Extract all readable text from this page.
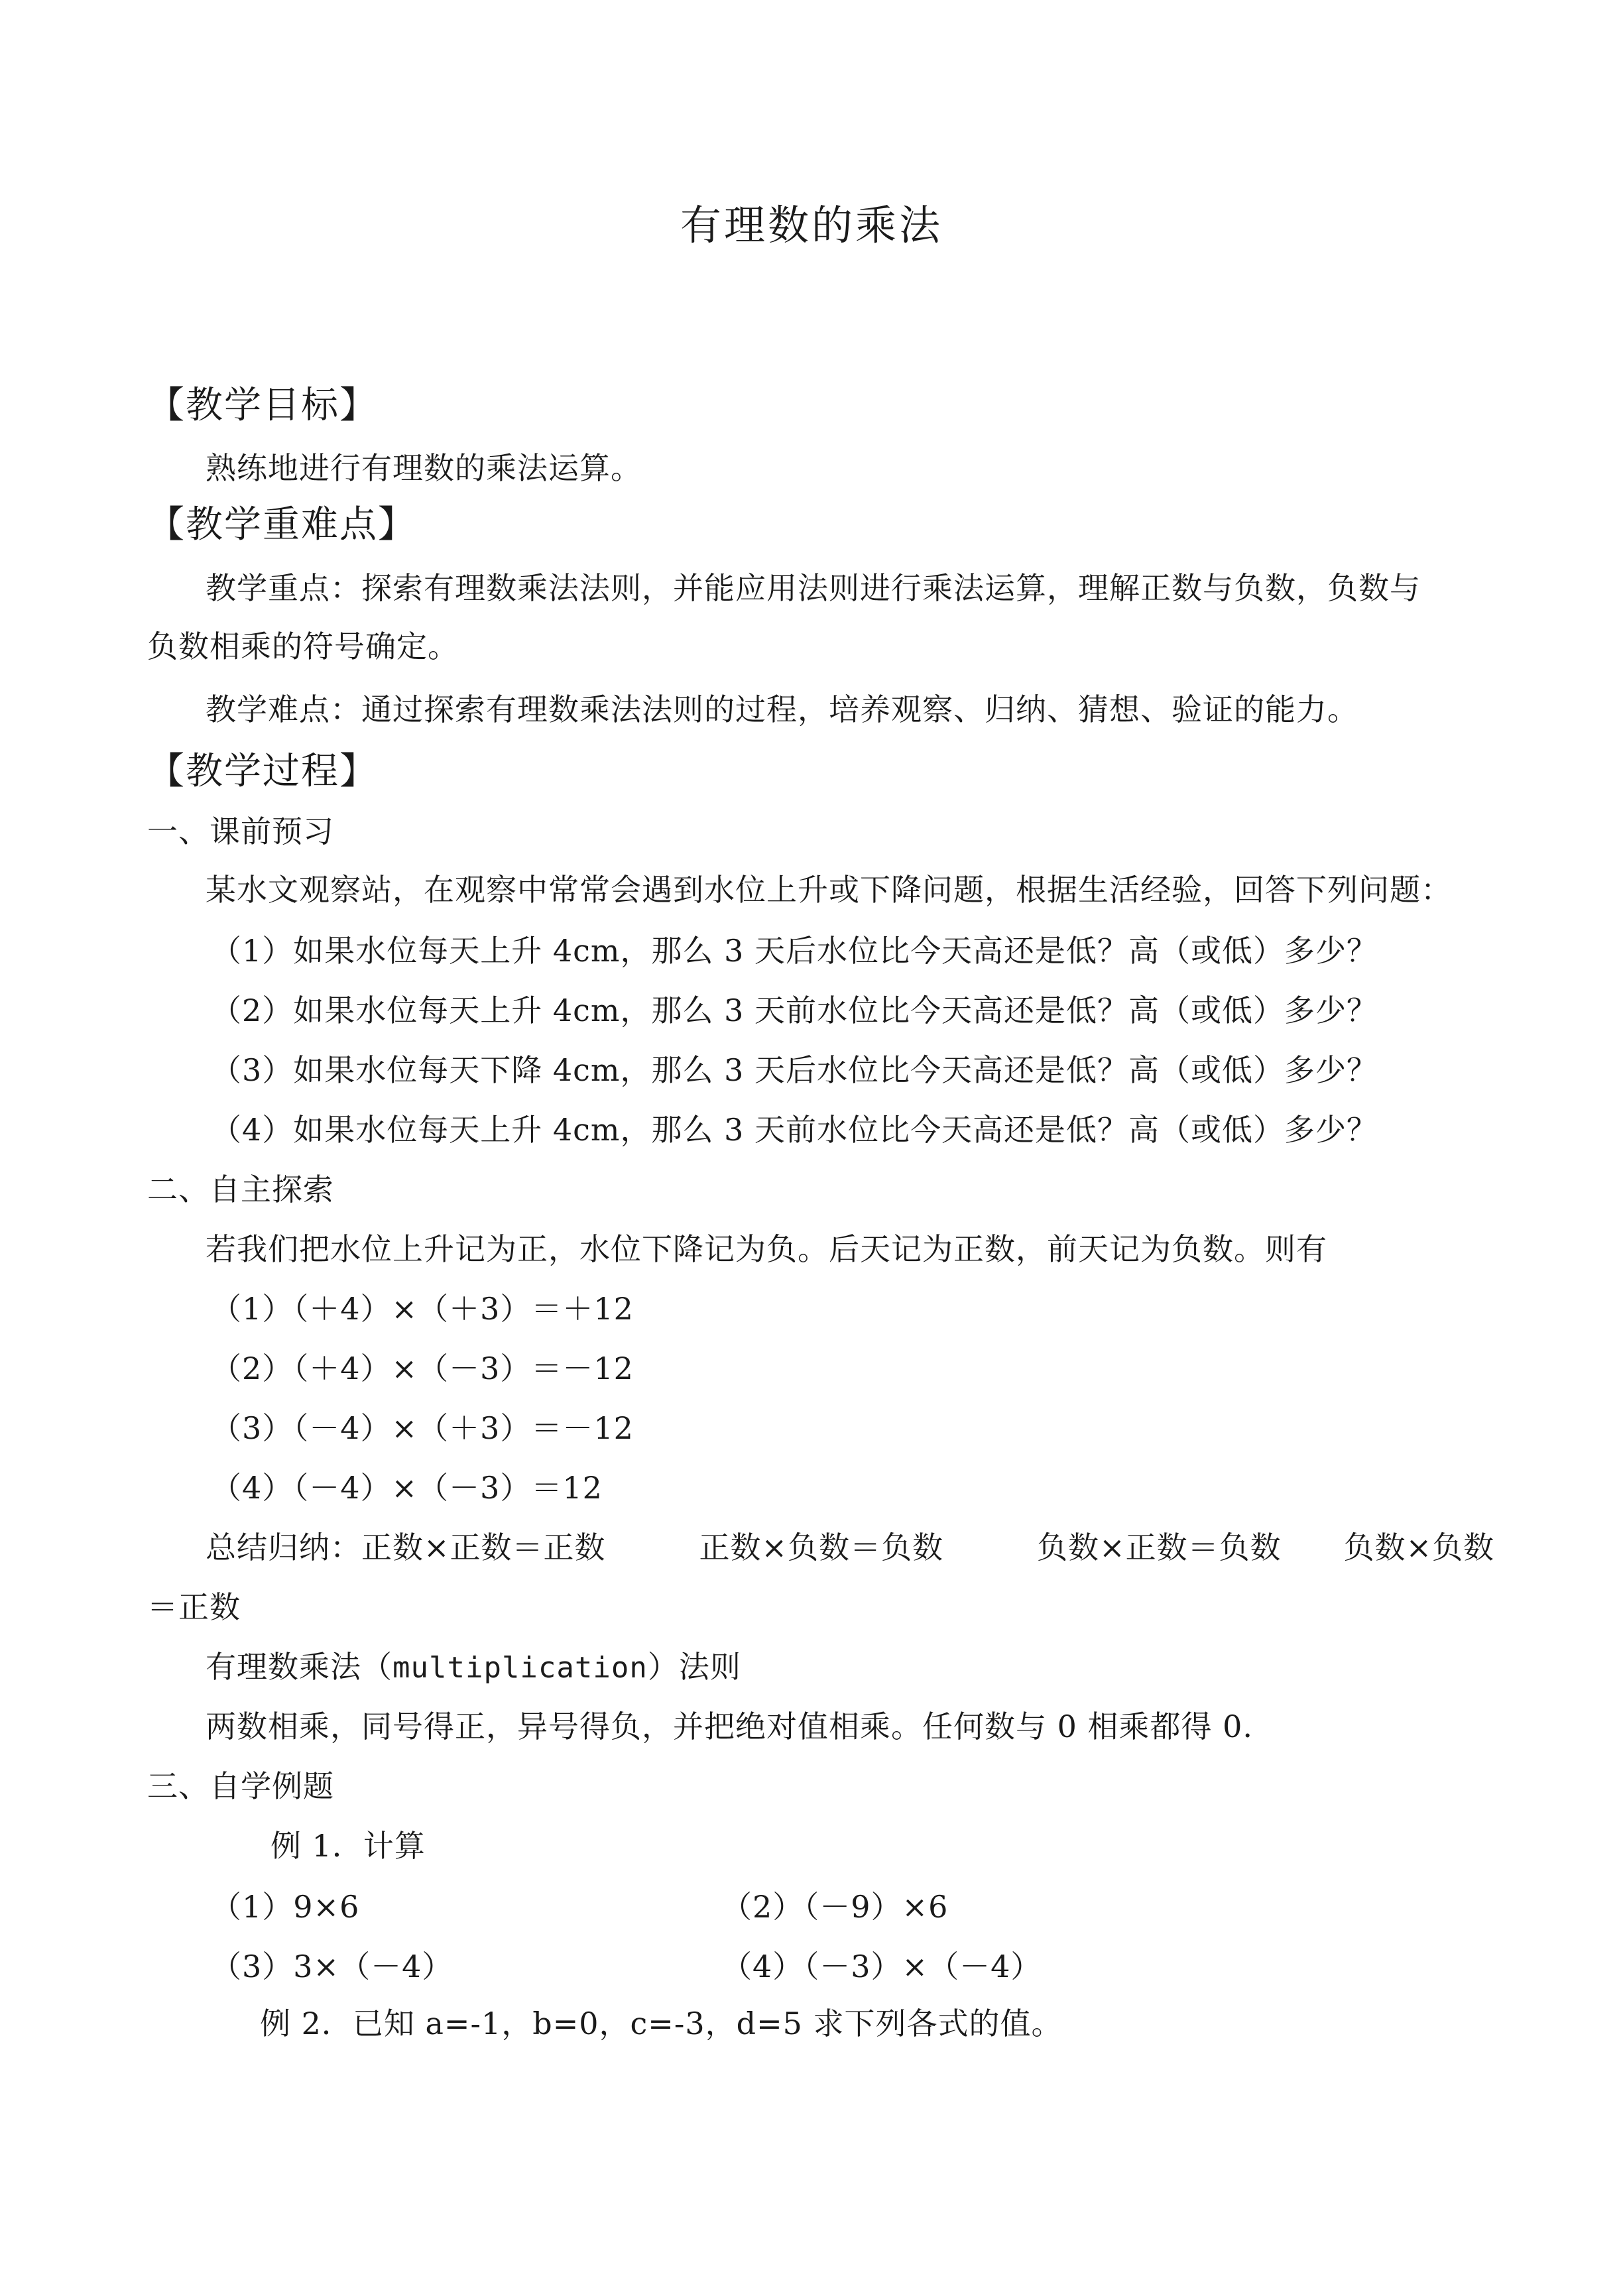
有理数的乘法
【教学目标】
熟练地进行有理数的乘法运算。
【教学重难点】
教学重点：探索有理数乘法法则，并能应用法则进行乘法运算，理解正数与负数，负数与
负数相乘的符号确定。
教学难点：通过探索有理数乘法法则的过程，培养观察、归纳、猜想、验证的能力。
【教学过程】
一、课前预习
某水文观察站，在观察中常常会遇到水位上升或下降问题，根据生活经验，回答下列问题：
（1）如果水位每天上升 4cm，那么 3 天后水位比今天高还是低？高（或低）多少？
（2）如果水位每天上升 4cm，那么 3 天前水位比今天高还是低？高（或低）多少？
（3）如果水位每天下降 4cm，那么 3 天后水位比今天高还是低？高（或低）多少？
（4）如果水位每天上升 4cm，那么 3 天前水位比今天高还是低？高（或低）多少？
二、自主探索
若我们把水位上升记为正，水位下降记为负。后天记为正数，前天记为负数。则有
（1）（＋4）×（＋3）＝＋12
（2）（＋4）×（－3）＝－12
（3）（－4）×（＋3）＝－12
（4）（－4）×（－3）＝12
总结归纳：正数×正数＝正数　　　正数×负数＝负数　　　负数×正数＝负数　　负数×负数
＝正数
有理数乘法（multiplication）法则
两数相乘，同号得正，异号得负，并把绝对值相乘。任何数与 0 相乘都得 0.
三、自学例题
例 1．计算
（1）9×6	（2）（－9）×6
（3）3×（－4）	（4）（－3）×（－4）
例 2．已知 a=-1，b=0，c=-3，d=5 求下列各式的值。
